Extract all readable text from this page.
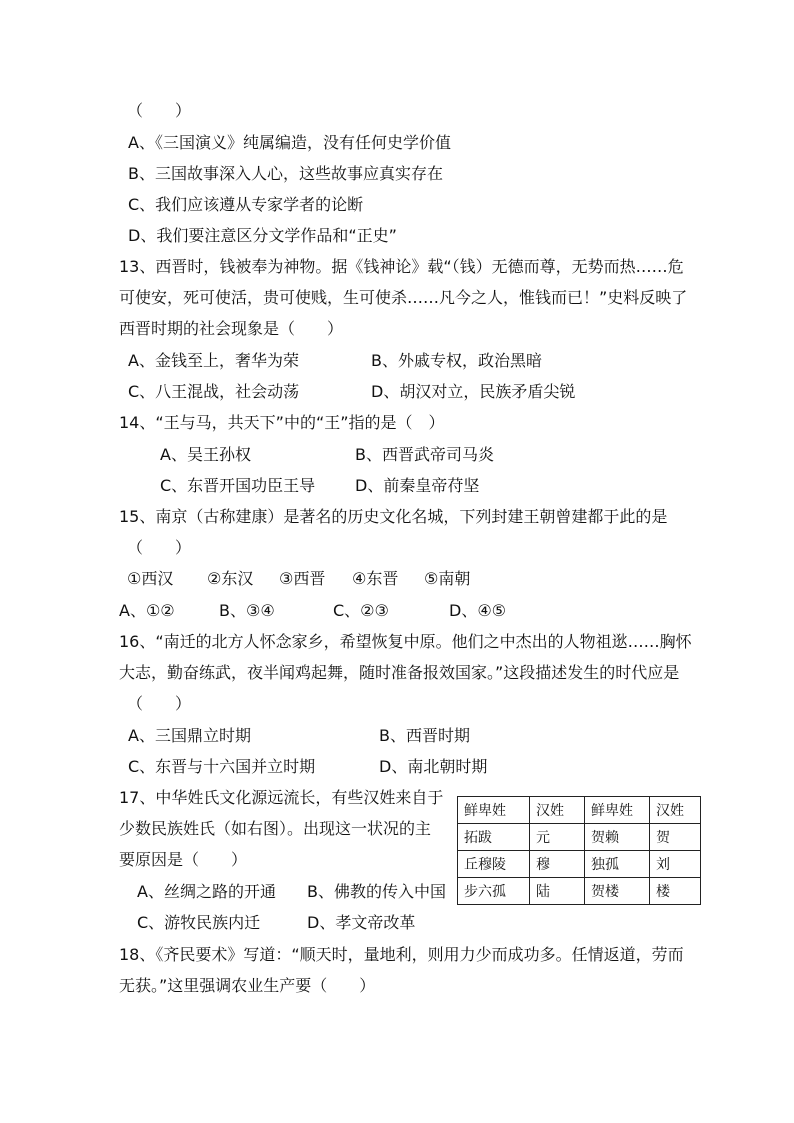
（　　）
A、《三国演义》纯属编造，没有任何史学价值
B、三国故事深入人心，这些故事应真实存在
C、我们应该遵从专家学者的论断
D、我们要注意区分文学作品和“正史”
13、西晋时，钱被奉为神物。据《钱神论》载“（钱）无德而尊，无势而热……危
可使安，死可使活，贵可使贱，生可使杀……凡今之人，惟钱而已！”史料反映了
西晋时期的社会现象是（　　）
A、金钱至上，奢华为荣	B、外戚专权，政治黑暗
C、八王混战，社会动荡	D、胡汉对立，民族矛盾尖锐
14、“王与马，共天下”中的“王”指的是（　）
A、吴王孙权	B、西晋武帝司马炎
C、东晋开国功臣王导 D、前秦皇帝苻坚
15、南京（古称建康）是著名的历史文化名城，下列封建王朝曾建都于此的是
（　　）
①西汉 ②东汉 ③西晋 ④东晋 ⑤南朝
A、①②	B、③④	C、②③	D、④⑤
16、“南迁的北方人怀念家乡，希望恢复中原。他们之中杰出的人物祖逖……胸怀
大志，勤奋练武，夜半闻鸡起舞，随时准备报效国家。”这段描述发生的时代应是
（　　）
A、三国鼎立时期	B、西晋时期
C、东晋与十六国并立时期	D、南北朝时期
17、中华姓氏文化源远流长，有些汉姓来自于
少数民族姓氏（如右图）。出现这一状况的主
要原因是（　　）
A、丝绸之路的开通 B、佛教的传入中国
C、游牧民族内迁	D、孝文帝改革
鲜卑姓	汉姓	鲜卑姓	汉姓
拓跋	元	贺赖	贺
丘穆陵	穆	独孤	刘
步六孤	陆	贺楼	楼
18、《齐民要术》写道：“顺天时，量地利，则用力少而成功多。任情返道，劳而
无获。”这里强调农业生产要（　　）
